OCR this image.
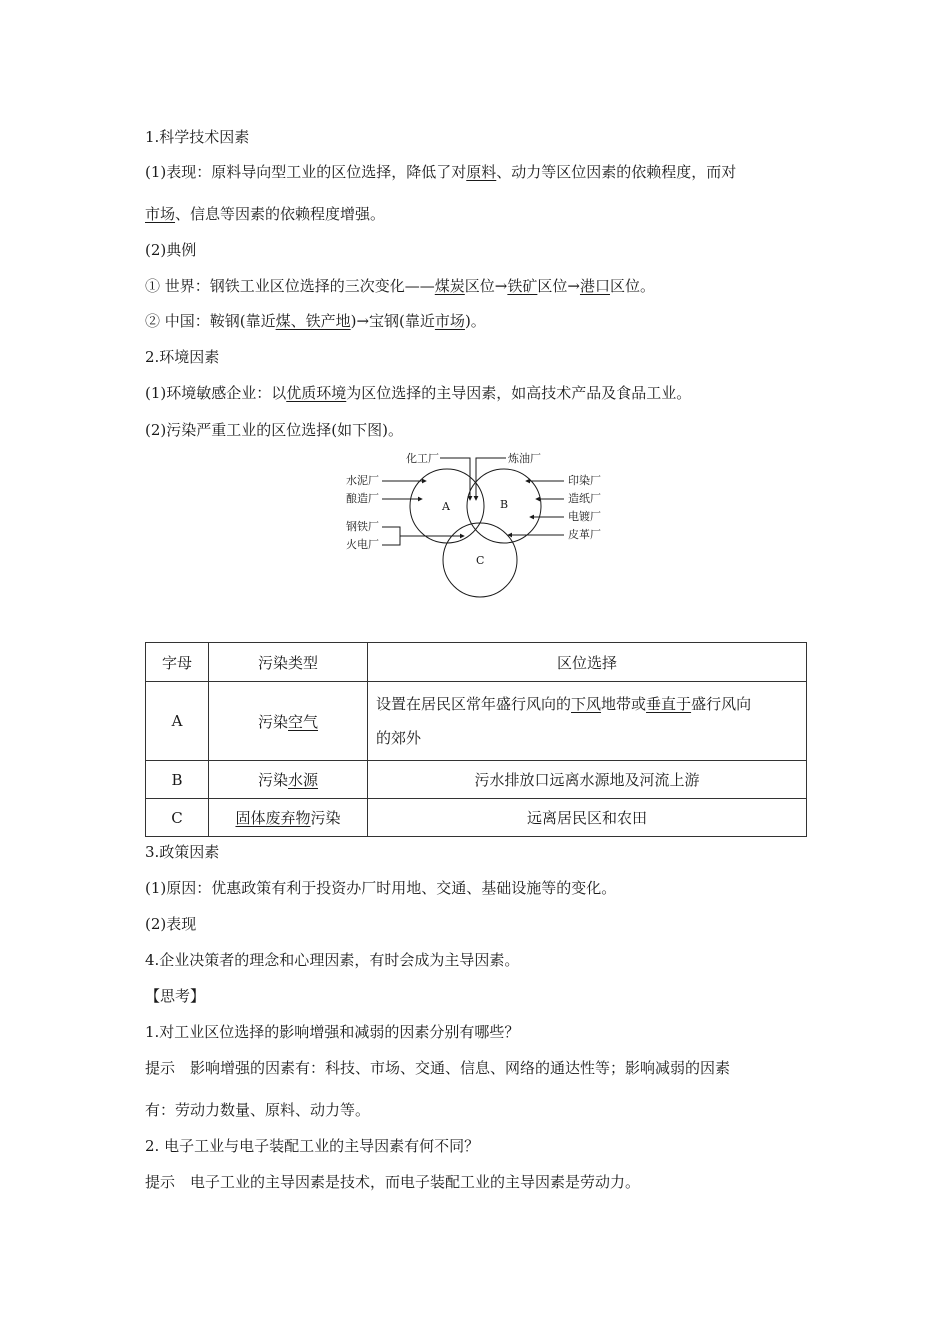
1.科学技术因素
(1)表现：原料导向型工业的区位选择，降低了对原料、动力等区位因素的依赖程度，而对
市场、信息等因素的依赖程度增强。
(2)典例
① 世界：钢铁工业区位选择的三次变化——煤炭区位→铁矿区位→港口区位。
② 中国：鞍钢(靠近煤、铁产地)→宝钢(靠近市场)。
2.环境因素
(1)环境敏感企业：以优质环境为区位选择的主导因素，如高技术产品及食品工业。
(2)污染严重工业的区位选择(如下图)。
A	B
C
化工厂	炼油厂
水泥厂
酿造厂
钢铁厂
火电厂
印染厂
造纸厂
电镀厂
皮革厂
字母	污染类型	区位选择
A	污染空气	设置在居民区常年盛行风向的下风地带或垂直于盛行风向
的郊外
B	污染水源	污水排放口远离水源地及河流上游
C	固体废弃物污染	远离居民区和农田
3.政策因素
(1)原因：优惠政策有利于投资办厂时用地、交通、基础设施等的变化。
(2)表现
4.企业决策者的理念和心理因素，有时会成为主导因素。
【思考】
1.对工业区位选择的影响增强和减弱的因素分别有哪些？
提示　影响增强的因素有：科技、市场、交通、信息、网络的通达性等；影响减弱的因素
有：劳动力数量、原料、动力等。
2. 电子工业与电子装配工业的主导因素有何不同？
提示　电子工业的主导因素是技术，而电子装配工业的主导因素是劳动力。
